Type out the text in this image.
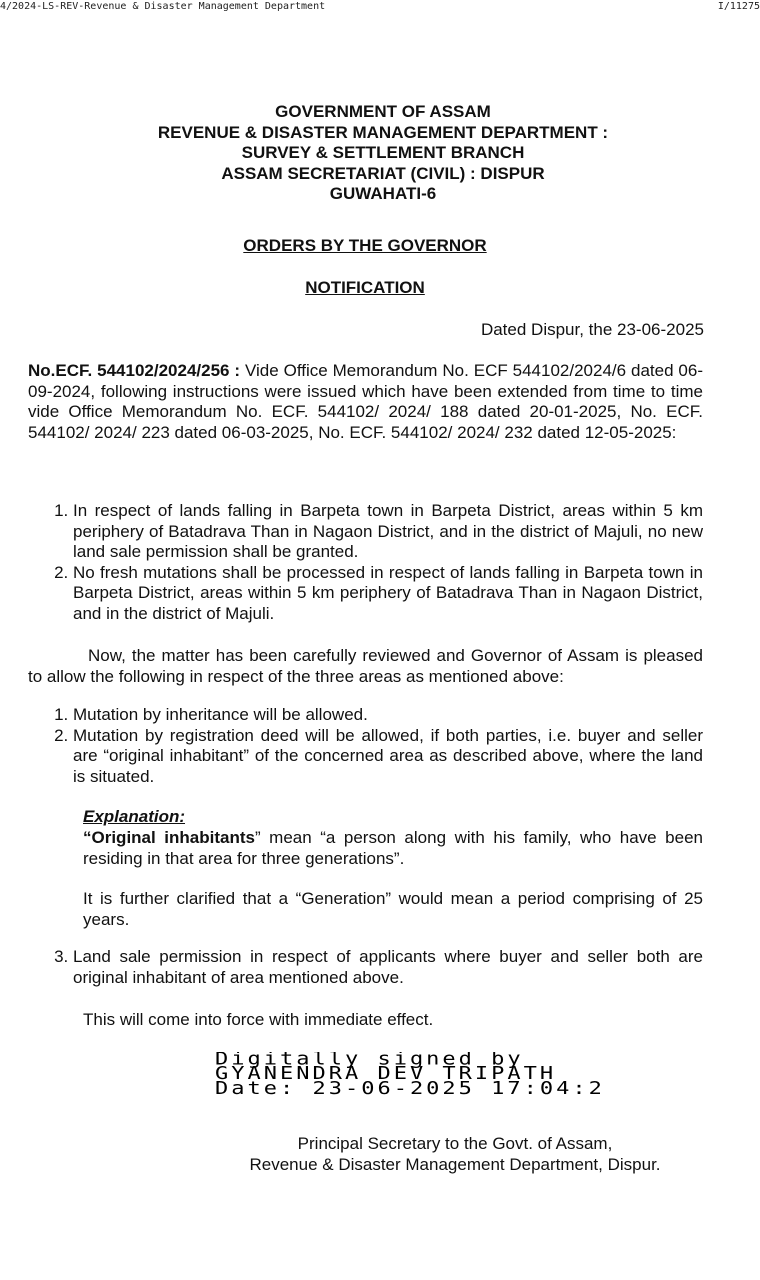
4/2024-LS-REV-Revenue & Disaster Management Department	I/11275
GOVERNMENT OF ASSAM
REVENUE & DISASTER MANAGEMENT DEPARTMENT :
SURVEY & SETTLEMENT BRANCH
ASSAM SECRETARIAT (CIVIL) : DISPUR
GUWAHATI-6
ORDERS BY THE GOVERNOR
NOTIFICATION
Dated Dispur, the 23-06-2025
No.ECF. 544102/2024/256 : Vide Office Memorandum No. ECF 544102/2024/6 dated 06-09-2024, following instructions were issued which have been extended from time to time vide Office Memorandum No. ECF. 544102/ 2024/ 188 dated 20-01-2025, No. ECF. 544102/ 2024/ 223 dated 06-03-2025, No. ECF. 544102/ 2024/ 232 dated 12-05-2025:
1. In respect of lands falling in Barpeta town in Barpeta District, areas within 5 km periphery of Batadrava Than in Nagaon District, and in the district of Majuli, no new land sale permission shall be granted.
2. No fresh mutations shall be processed in respect of lands falling in Barpeta town in Barpeta District, areas within 5 km periphery of Batadrava Than in Nagaon District, and in the district of Majuli.
Now, the matter has been carefully reviewed and Governor of Assam is pleased to allow the following in respect of the three areas as mentioned above:
1. Mutation by inheritance will be allowed.
2. Mutation by registration deed will be allowed, if both parties, i.e. buyer and seller are “original inhabitant” of the concerned area as described above, where the land is situated.
Explanation:
“Original inhabitants” mean “a person along with his family, who have been residing in that area for three generations”.
It is further clarified that a “Generation” would mean a period comprising of 25 years.
3. Land sale permission in respect of applicants where buyer and seller both are original inhabitant of area mentioned above.
This will come into force with immediate effect.
Digitally signed by
GYANENDRA DEV TRIPATH
Date: 23-06-2025 17:04:2
Principal Secretary to the Govt. of Assam,
Revenue & Disaster Management Department, Dispur.
